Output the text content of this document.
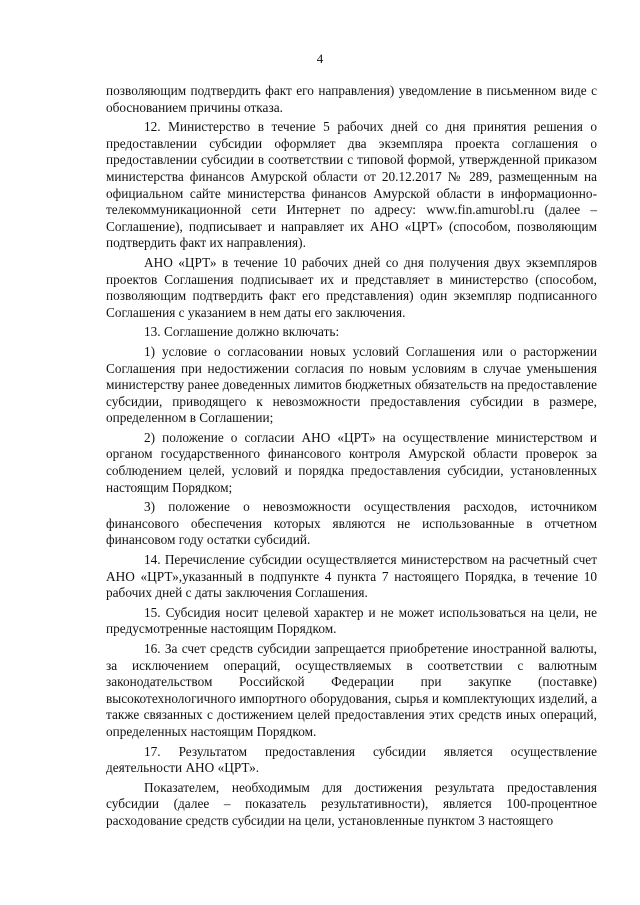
4

позволяющим подтвердить факт его направления) уведомление в письменном виде с обоснованием причины отказа.

12. Министерство в течение 5 рабочих дней со дня принятия решения о предоставлении субсидии оформляет два экземпляра проекта соглашения о предоставлении субсидии в соответствии с типовой формой, утвержденной приказом министерства финансов Амурской области от 20.12.2017 № 289, размещенным на официальном сайте министерства финансов Амурской области в информационно-телекоммуникационной сети Интернет по адресу: www.fin.amurobl.ru (далее – Соглашение), подписывает и направляет их АНО «ЦРТ» (способом, позволяющим подтвердить факт их направления).

АНО «ЦРТ» в течение 10 рабочих дней со дня получения двух экземпляров проектов Соглашения подписывает их и представляет в министерство (способом, позволяющим подтвердить факт его представления) один экземпляр подписанного Соглашения с указанием в нем даты его заключения.

13. Соглашение должно включать:

1) условие о согласовании новых условий Соглашения или о расторжении Соглашения при недостижении согласия по новым условиям в случае уменьшения министерству ранее доведенных лимитов бюджетных обязательств на предоставление субсидии, приводящего к невозможности предоставления субсидии в размере, определенном в Соглашении;

2) положение о согласии АНО «ЦРТ» на осуществление министерством и органом государственного финансового контроля Амурской области проверок за соблюдением целей, условий и порядка предоставления субсидии, установленных настоящим Порядком;

3) положение о невозможности осуществления расходов, источником финансового обеспечения которых являются не использованные в отчетном финансовом году остатки субсидий.

14. Перечисление субсидии осуществляется министерством на расчетный счет АНО «ЦРТ»,указанный в подпункте 4 пункта 7 настоящего Порядка, в течение 10 рабочих дней с даты заключения Соглашения.

15. Субсидия носит целевой характер и не может использоваться на цели, не предусмотренные настоящим Порядком.

16. За счет средств субсидии запрещается приобретение иностранной валюты, за исключением операций, осуществляемых в соответствии с валютным законодательством Российской Федерации при закупке (поставке) высокотехнологичного импортного оборудования, сырья и комплектующих изделий, а также связанных с достижением целей предоставления этих средств иных операций, определенных настоящим Порядком.

17. Результатом предоставления субсидии является осуществление деятельности АНО «ЦРТ».

Показателем, необходимым для достижения результата предоставления субсидии (далее – показатель результативности), является 100-процентное расходование средств субсидии на цели, установленные пунктом 3 настоящего
